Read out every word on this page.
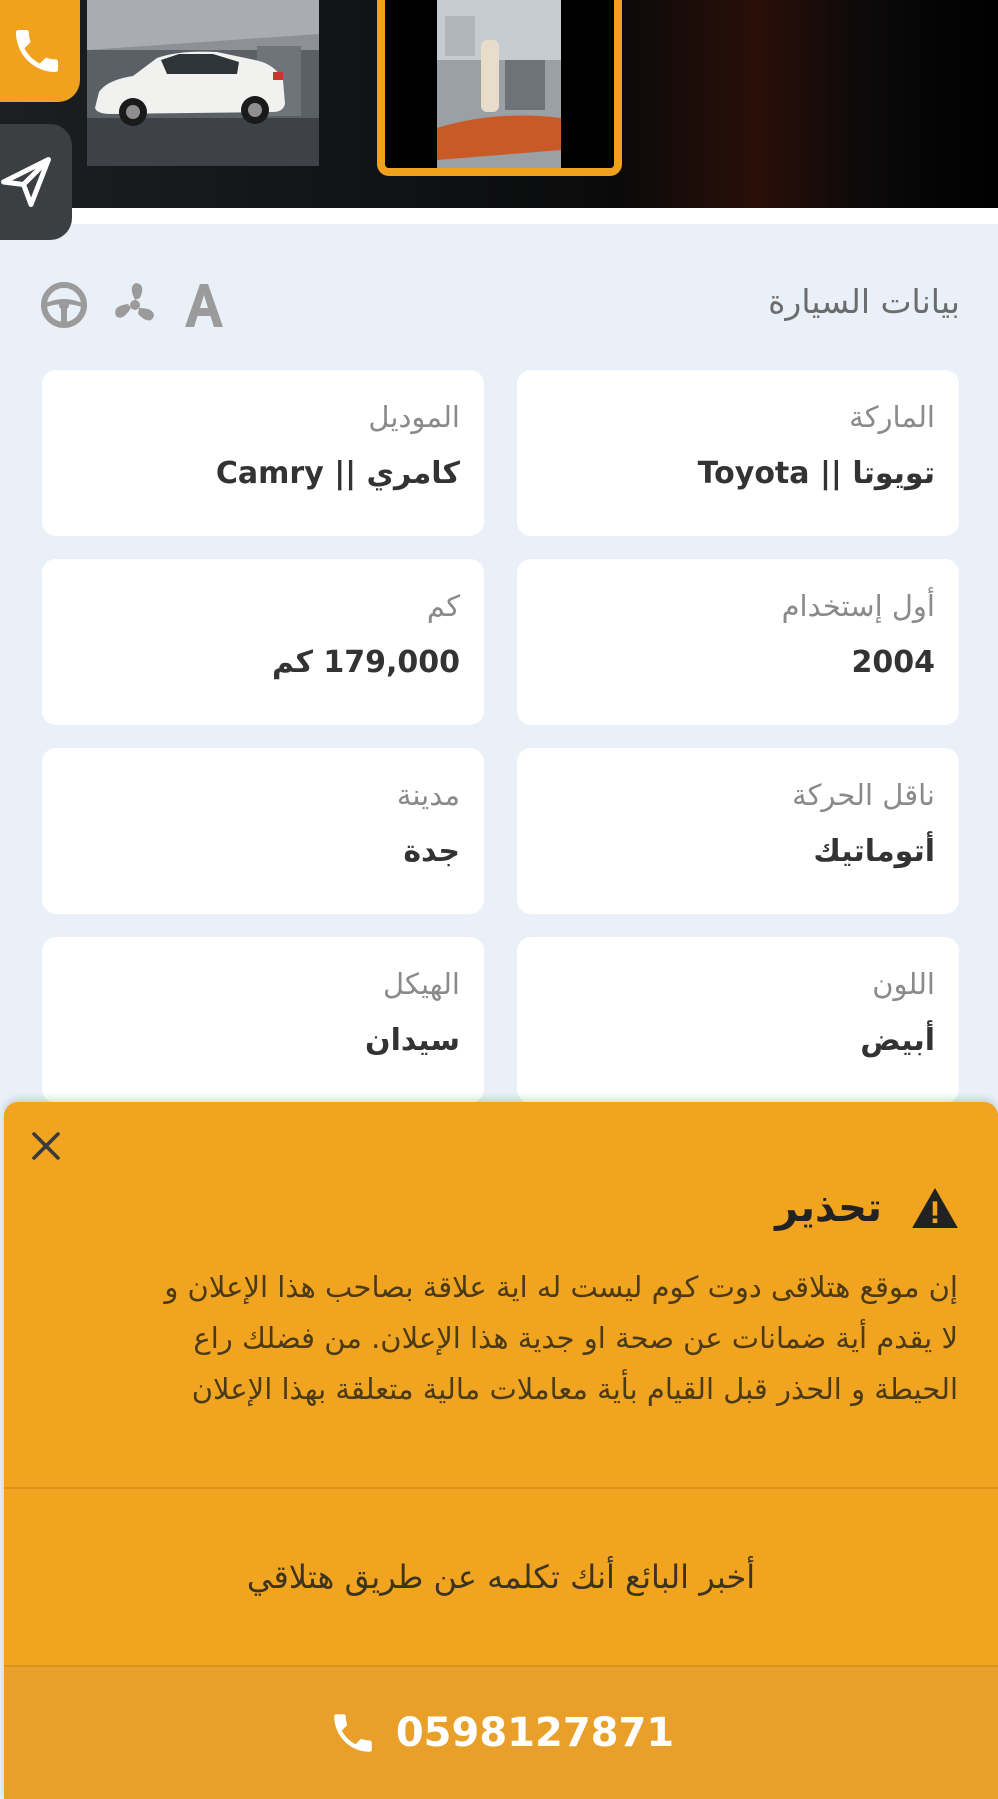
بيانات السيارة
الماركة
تويوتا || Toyota
الموديل
كامري || Camry
أول إستخدام
2004
كم
179,000 كم
ناقل الحركة
أتوماتيك
مدينة
جدة
اللون
أبيض
الهيكل
سيدان
تحذير
إن موقع هتلاقى دوت كوم ليست له اية علاقة بصاحب هذا الإعلان و
لا يقدم أية ضمانات عن صحة او جدية هذا الإعلان. من فضلك راع
الحيطة و الحذر قبل القيام بأية معاملات مالية متعلقة بهذا الإعلان
أخبر البائع أنك تكلمه عن طريق هتلاقي
0598127871
